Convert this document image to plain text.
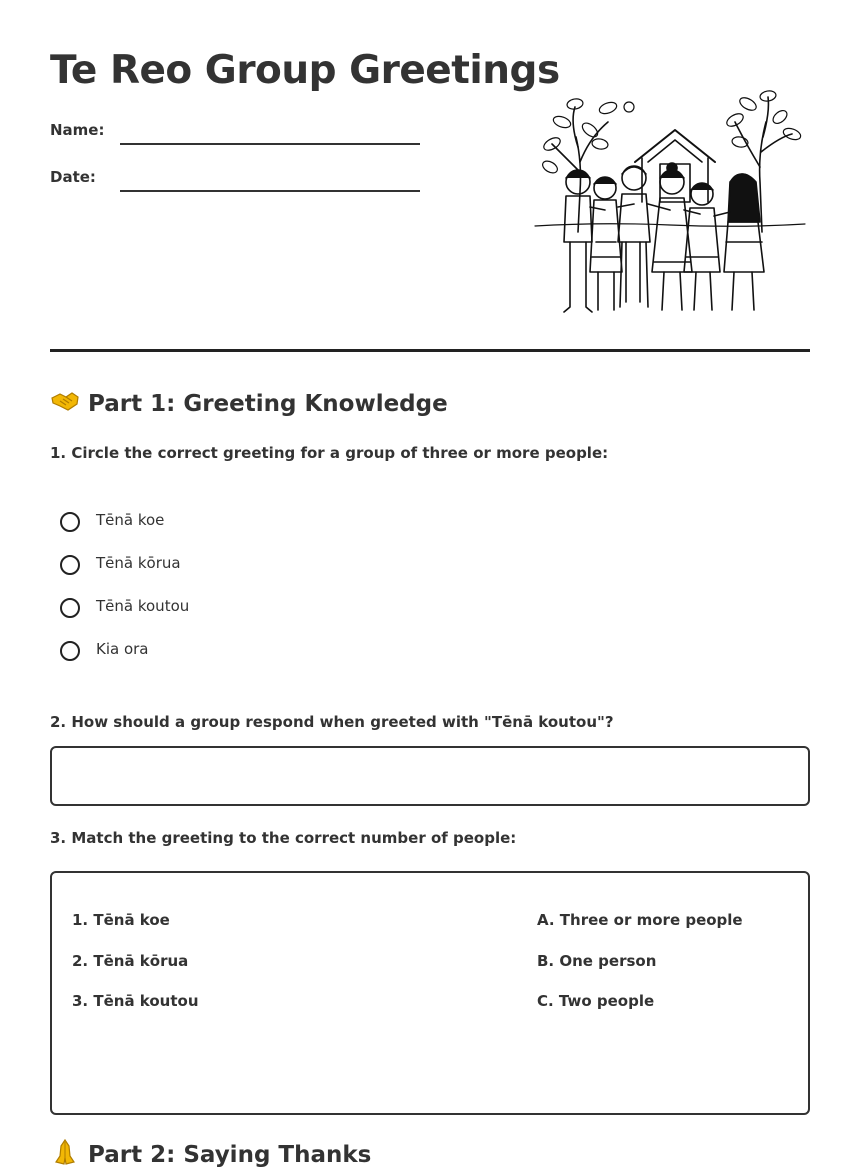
Te Reo Group Greetings
Name:
Date:
Part 1: Greeting Knowledge

1. Circle the correct greeting for a group of three or more people:

Tēnā koe
Tēnā kōrua
Tēnā koutou
Kia ora

2. How should a group respond when greeted with "Tēnā koutou"?

3. Match the greeting to the correct number of people:

1. Tēnā koe
2. Tēnā kōrua
3. Tēnā koutou
A. Three or more people
B. One person
C. Two people
Part 2: Saying Thanks
